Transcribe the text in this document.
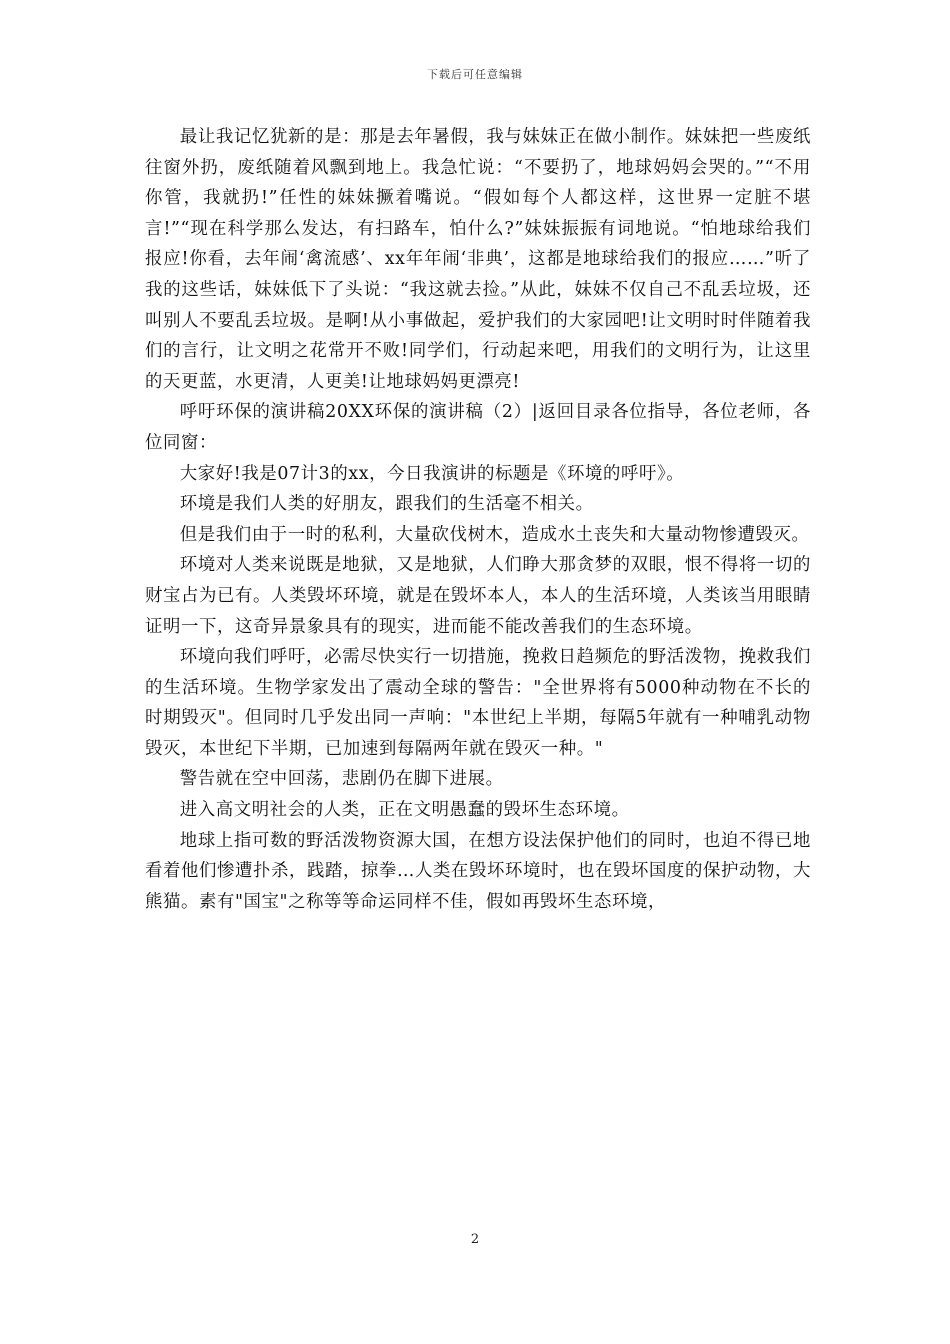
下载后可任意编辑

最让我记忆犹新的是：那是去年暑假，我与妹妹正在做小制作。妹妹把一些废纸往窗外扔，废纸随着风飘到地上。我急忙说：“不要扔了，地球妈妈会哭的。”“不用你管，我就扔!”任性的妹妹撅着嘴说。“假如每个人都这样，这世界一定脏不堪言!”“现在科学那么发达，有扫路车，怕什么?”妹妹振振有词地说。“怕地球给我们报应!你看，去年闹‘禽流感’、xx年年闹‘非典’，这都是地球给我们的报应……”听了我的这些话，妹妹低下了头说：“我这就去捡。”从此，妹妹不仅自己不乱丢垃圾，还叫别人不要乱丢垃圾。是啊!从小事做起，爱护我们的大家园吧!让文明时时伴随着我们的言行，让文明之花常开不败!同学们，行动起来吧，用我们的文明行为，让这里的天更蓝，水更清，人更美!让地球妈妈更漂亮!

呼吁环保的演讲稿20XX环保的演讲稿（2）|返回目录各位指导，各位老师，各位同窗：

大家好!我是07计3的xx，今日我演讲的标题是《环境的呼吁》。

环境是我们人类的好朋友，跟我们的生活毫不相关。

但是我们由于一时的私利，大量砍伐树木，造成水土丧失和大量动物惨遭毁灭。

环境对人类来说既是地狱，又是地狱，人们睁大那贪梦的双眼，恨不得将一切的财宝占为已有。人类毁坏环境，就是在毁坏本人，本人的生活环境，人类该当用眼睛证明一下，这奇异景象具有的现实，进而能不能改善我们的生态环境。

环境向我们呼吁，必需尽快实行一切措施，挽救日趋频危的野活泼物，挽救我们的生活环境。生物学家发出了震动全球的警告："全世界将有5000种动物在不长的时期毁灭"。但同时几乎发出同一声响："本世纪上半期，每隔5年就有一种哺乳动物毁灭，本世纪下半期，已加速到每隔两年就在毁灭一种。"

警告就在空中回荡，悲剧仍在脚下进展。

进入高文明社会的人类，正在文明愚蠢的毁坏生态环境。

地球上指可数的野活泼物资源大国，在想方设法保护他们的同时，也迫不得已地看着他们惨遭扑杀，践踏，掠拳…人类在毁坏环境时，也在毁坏国度的保护动物，大熊猫。素有"国宝"之称等等命运同样不佳，假如再毁坏生态环境，

2
